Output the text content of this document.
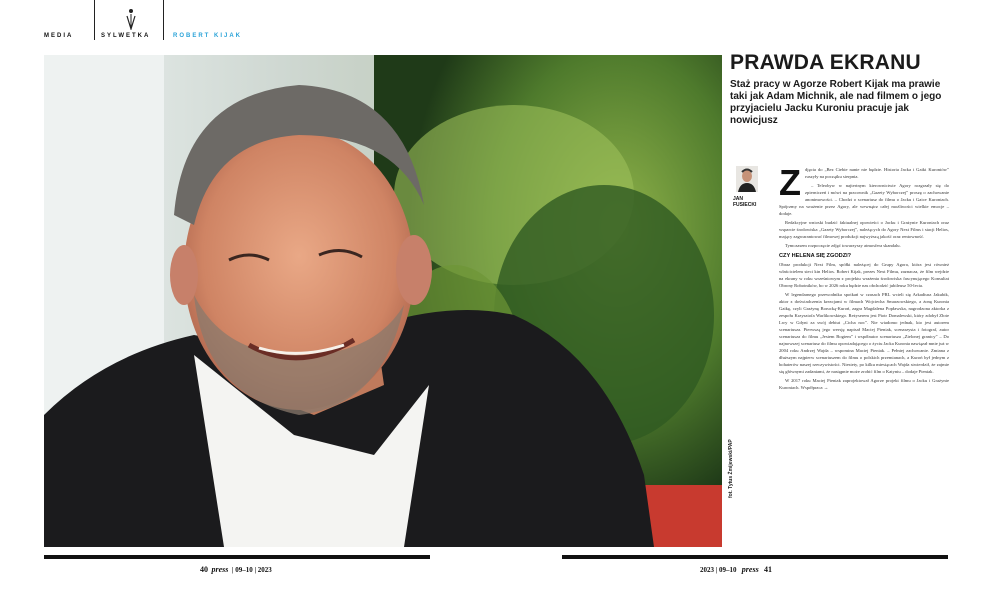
MEDIA	SYLWETKA	ROBERT KIJAK
fot. Tytus Żmijewski/PAP
PRAWDA EKRANU
Staż pracy w Agorze Robert Kijak ma prawie taki jak Adam Michnik, ale nad filmem o jego przyjacielu Jacku Kuroniu pracuje jak nowicjusz
JAN
FUSIECKI
Z djęcia do „Bez Ciebie nanie nie będzie. Historia Jacka i Gaiki Kuroniów” ruszyły na początku sierpnia.

– Teleobyw w najtertnym kierownictwie Agory rozgrzały się do zpierniczeń i mówi na pracownik „Gazety Wyborczej” proszę o zachowanie anonimowości. – Chodzi o scenariusz do filmu o Jacku i Gaice Kuroniach. Spójrzmy na wrażenie przez Agory, ale wewnątrz całej możliwości wielkie emocje – dodaje.

Redakcyjne wnioski budzić faktualnej opowieści o Jacku i Grażynie Kuroniach oraz wsparcie środowiska „Gazety Wyborczej”, należących do Agory Next Films i stacji Helios, mający zagwarantować filmowej produkcji najwyższą jakość oraz rentowność.

Tymczasem rozpoczęcie zdjęć towarzyszy atmosfera skandalu.

CZY HELENA SIĘ ZGODZI?

Obraz produkcji Next Film, spółki należącej do Grupy Agora, która jest również właścicielem sieci kin Helios. Robert Kijak, prezes Next Filmu, zaznacza, że film wejdzie na ekrany w roku wrześniowym z projektu wrażenia środowiska fascynującego Konsultat Obrony Robotników, bo w 2026 roku będzie nas obchodzić jubileusz 50-lecia.

W legendarnego przewodnika spotkań w czasach PRL wcieli się Arkadiusz Jakubik, aktor z doświadczenia kreacjami w filmach Wojciecha Smarzowskiego, a żonę Kuronia Gaikę, czyli Grażynę Borucką-Kuroń, zagra Magdalena Popławska, nagrodzona aktorka z zespołu Krzysztofa Warlikowskiego. Reżyserem jest Piotr Domalewski, który zdobył Złote Lwy w Gdyni za swój debiut „Cicha noc”. Nie wiadomo jednak, kto jest autorem scenariusza. Pierwszą jego wersję napisał Maciej Pieniak, scenarzysta i fotograf, autor scenariusza do filmu „Jestem Bogiem” i współautor scenariusza „Zielonej granicy” – Do najnowszej scenariusz do filmu opowiadającego o życiu Jacka Kuronia nawiązał mnie już w 2004 roku Andrzej Wajda – wspomina Maciej Pieniak. – Pełniej zachowanie. Zmiana z dłuższym najpierw scenariuszem do filmu o polskich przemianach, a Kuroń był jednym z bohaterów naszej rzeczywistości. Niestety, po kilku miesiącach Wajda stwierdził, że zajmie się głównymi zadaniami, że następnie może zrobić film o Katyniu – dodaje Pieniak.

W 2017 roku Maciej Pieniak zaprojektował Agorze projekt filmu o Jacku i Grażynie Kuroniach. Współpraca →

40 press  | 09–10 | 2023	2023 | 09–10 press 41
